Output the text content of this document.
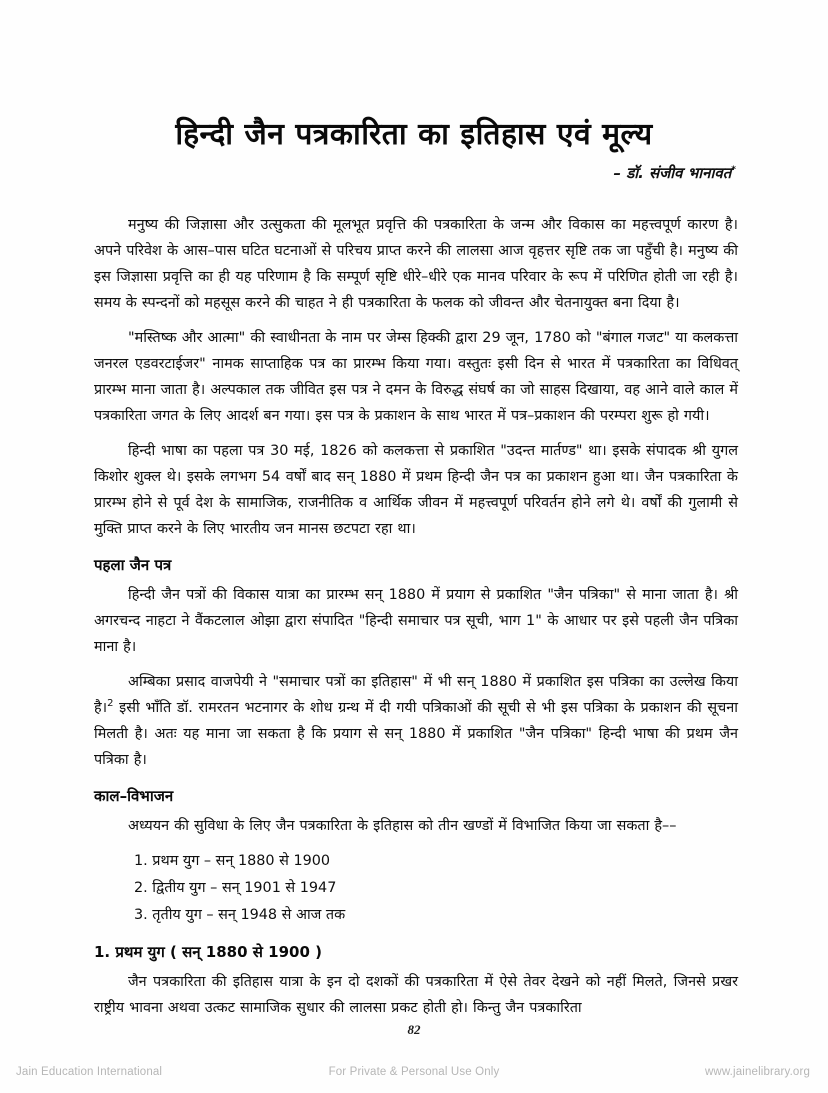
हिन्दी जैन पत्रकारिता का इतिहास एवं मूल्य
– डॉ. संजीव भानावत*

मनुष्य की जिज्ञासा और उत्सुकता की मूलभूत प्रवृत्ति की पत्रकारिता के जन्म और विकास का महत्त्वपूर्ण कारण है। अपने परिवेश के आस–पास घटित घटनाओं से परिचय प्राप्त करने की लालसा आज वृहत्तर सृष्टि तक जा पहुँची है। मनुष्य की इस जिज्ञासा प्रवृत्ति का ही यह परिणाम है कि सम्पूर्ण सृष्टि धीरे–धीरे एक मानव परिवार के रूप में परिणित होती जा रही है। समय के स्पन्दनों को महसूस करने की चाहत ने ही पत्रकारिता के फलक को जीवन्त और चेतनायुक्त बना दिया है।

"मस्तिष्क और आत्मा" की स्वाधीनता के नाम पर जेम्स हिक्की द्वारा 29 जून, 1780 को "बंगाल गजट" या कलकत्ता जनरल एडवरटाईजर" नामक साप्ताहिक पत्र का प्रारम्भ किया गया। वस्तुतः इसी दिन से भारत में पत्रकारिता का विधिवत् प्रारम्भ माना जाता है। अल्पकाल तक जीवित इस पत्र ने दमन के विरुद्ध संघर्ष का जो साहस दिखाया, वह आने वाले काल में पत्रकारिता जगत के लिए आदर्श बन गया। इस पत्र के प्रकाशन के साथ भारत में पत्र–प्रकाशन की परम्परा शुरू हो गयी।

हिन्दी भाषा का पहला पत्र 30 मई, 1826 को कलकत्ता से प्रकाशित "उदन्त मार्तण्ड" था। इसके संपादक श्री युगल किशोर शुक्ल थे। इसके लगभग 54 वर्षों बाद सन् 1880 में प्रथम हिन्दी जैन पत्र का प्रकाशन हुआ था। जैन पत्रकारिता के प्रारम्भ होने से पूर्व देश के सामाजिक, राजनीतिक व आर्थिक जीवन में महत्त्वपूर्ण परिवर्तन होने लगे थे। वर्षों की गुलामी से मुक्ति प्राप्त करने के लिए भारतीय जन मानस छटपटा रहा था।

पहला जैन पत्र

हिन्दी जैन पत्रों की विकास यात्रा का प्रारम्भ सन् 1880 में प्रयाग से प्रकाशित "जैन पत्रिका" से माना जाता है। श्री अगरचन्द नाहटा ने वैंकटलाल ओझा द्वारा संपादित "हिन्दी समाचार पत्र सूची, भाग 1" के आधार पर इसे पहली जैन पत्रिका माना है।

अम्बिका प्रसाद वाजपेयी ने "समाचार पत्रों का इतिहास" में भी सन् 1880 में प्रकाशित इस पत्रिका का उल्लेख किया है।$^2$ इसी भाँति डॉ. रामरतन भटनागर के शोध ग्रन्थ में दी गयी पत्रिकाओं की सूची से भी इस पत्रिका के प्रकाशन की सूचना मिलती है। अतः यह माना जा सकता है कि प्रयाग से सन् 1880 में प्रकाशित "जैन पत्रिका" हिन्दी भाषा की प्रथम जैन पत्रिका है।

काल–विभाजन

अध्ययन की सुविधा के लिए जैन पत्रकारिता के इतिहास को तीन खण्डों में विभाजित किया जा सकता है––

1. प्रथम युग – सन् 1880 से 1900
2. द्वितीय युग – सन् 1901 से 1947
3. तृतीय युग – सन् 1948 से आज तक
1. प्रथम युग ( सन् 1880 से 1900 )

जैन पत्रकारिता की इतिहास यात्रा के इन दो दशकों की पत्रकारिता में ऐसे तेवर देखने को नहीं मिलते, जिनसे प्रखर राष्ट्रीय भावना अथवा उत्कट सामाजिक सुधार की लालसा प्रकट होती हो। किन्तु जैन पत्रकारिता

82
Jain Education International	For Private & Personal Use Only	www.jainelibrary.org
